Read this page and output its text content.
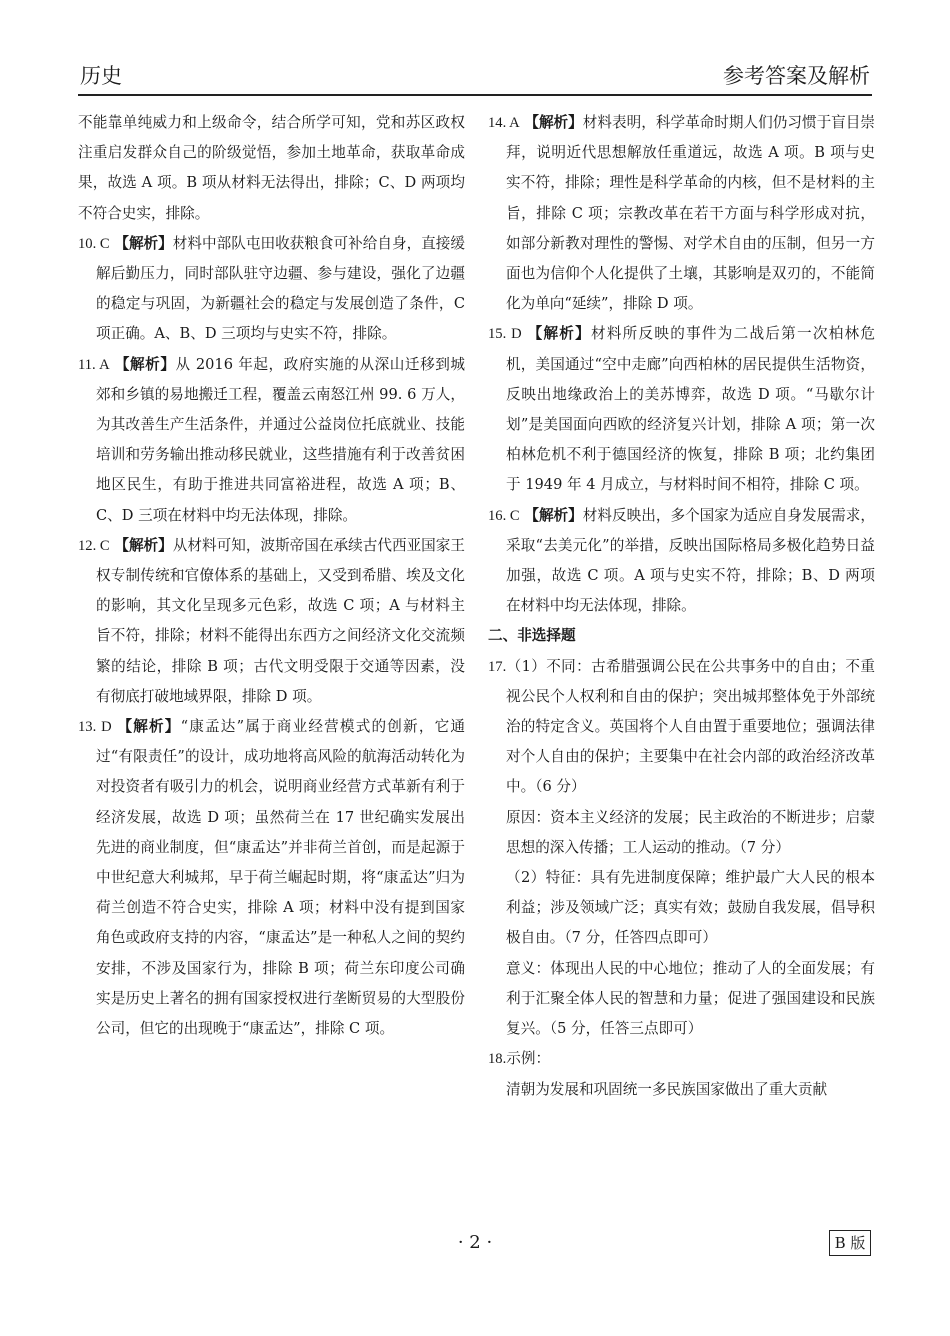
历史	参考答案及解析

不能靠单纯威力和上级命令，结合所学可知，党和苏区政权注重启发群众自己的阶级觉悟，参加土地革命，获取革命成果，故选 A 项。B 项从材料无法得出，排除；C、D 两项均不符合史实，排除。

10. C 【解析】材料中部队屯田收获粮食可补给自身，直接缓解后勤压力，同时部队驻守边疆、参与建设，强化了边疆的稳定与巩固，为新疆社会的稳定与发展创造了条件，C 项正确。A、B、D 三项均与史实不符，排除。

11. A 【解析】从 2016 年起，政府实施的从深山迁移到城郊和乡镇的易地搬迁工程，覆盖云南怒江州 99. 6 万人，为其改善生产生活条件，并通过公益岗位托底就业、技能培训和劳务输出推动移民就业，这些措施有利于改善贫困地区民生，有助于推进共同富裕进程，故选 A 项；B、C、D 三项在材料中均无法体现，排除。

12. C 【解析】从材料可知，波斯帝国在承续古代西亚国家王权专制传统和官僚体系的基础上，又受到希腊、埃及文化的影响，其文化呈现多元色彩，故选 C 项；A 与材料主旨不符，排除；材料不能得出东西方之间经济文化交流频繁的结论，排除 B 项；古代文明受限于交通等因素，没有彻底打破地域界限，排除 D 项。

13. D 【解析】“康孟达”属于商业经营模式的创新，它通过“有限责任”的设计，成功地将高风险的航海活动转化为对投资者有吸引力的机会，说明商业经营方式革新有利于经济发展，故选 D 项；虽然荷兰在 17 世纪确实发展出先进的商业制度，但“康孟达”并非荷兰首创，而是起源于中世纪意大利城邦，早于荷兰崛起时期，将“康孟达”归为荷兰创造不符合史实，排除 A 项；材料中没有提到国家角色或政府支持的内容，“康孟达”是一种私人之间的契约安排，不涉及国家行为，排除 B 项；荷兰东印度公司确实是历史上著名的拥有国家授权进行垄断贸易的大型股份公司，但它的出现晚于“康孟达”，排除 C 项。

14. A 【解析】材料表明，科学革命时期人们仍习惯于盲目崇拜，说明近代思想解放任重道远，故选 A 项。B 项与史实不符，排除；理性是科学革命的内核，但不是材料的主旨，排除 C 项；宗教改革在若干方面与科学形成对抗，如部分新教对理性的警惕、对学术自由的压制，但另一方面也为信仰个人化提供了土壤，其影响是双刃的，不能简化为单向“延续”，排除 D 项。

15. D 【解析】材料所反映的事件为二战后第一次柏林危机，美国通过“空中走廊”向西柏林的居民提供生活物资，反映出地缘政治上的美苏博弈，故选 D 项。“马歇尔计划”是美国面向西欧的经济复兴计划，排除 A 项；第一次柏林危机不利于德国经济的恢复，排除 B 项；北约集团于 1949 年 4 月成立，与材料时间不相符，排除 C 项。

16. C 【解析】材料反映出，多个国家为适应自身发展需求，采取“去美元化”的举措，反映出国际格局多极化趋势日益加强，故选 C 项。A 项与史实不符，排除；B、D 两项在材料中均无法体现，排除。

二、非选择题

17.（1）不同：古希腊强调公民在公共事务中的自由；不重视公民个人权利和自由的保护；突出城邦整体免于外部统治的特定含义。英国将个人自由置于重要地位；强调法律对个人自由的保护；主要集中在社会内部的政治经济改革中。（6 分）

原因：资本主义经济的发展；民主政治的不断进步；启蒙思想的深入传播；工人运动的推动。（7 分）

（2）特征：具有先进制度保障；维护最广大人民的根本利益；涉及领域广泛；真实有效；鼓励自我发展，倡导积极自由。（7 分，任答四点即可）

意义：体现出人民的中心地位；推动了人的全面发展；有利于汇聚全体人民的智慧和力量；促进了强国建设和民族复兴。（5 分，任答三点即可）

18.示例：

清朝为发展和巩固统一多民族国家做出了重大贡献

· 2 ·	B 版
